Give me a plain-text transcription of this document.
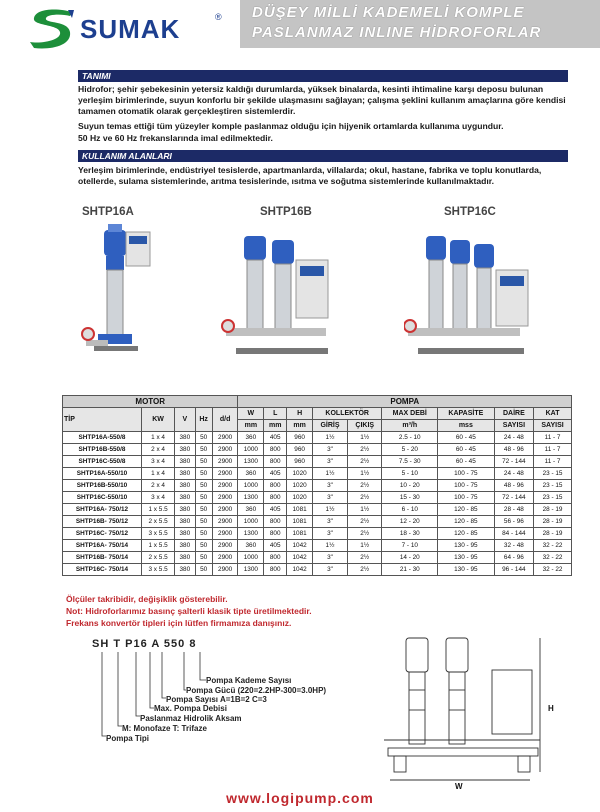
SUMAK	® DÜŞEY MİLLİ KADEMELİ KOMPLE
PASLANMAZ INLINE HİDROFORLAR
TANIMI

Hidrofor; şehir şebekesinin yetersiz kaldığı durumlarda, yüksek binalarda, kesinti ihtimaline karşı deposu bulunan yerleşim birimlerinde, suyun konforlu bir şekilde ulaşmasını sağlayan; çalışma şeklini kullanım amaçlarına göre kendisi tamamen otomatik olarak gerçekleştiren sistemlerdir.

Suyun temas ettiği tüm yüzeyler komple paslanmaz olduğu için hijyenik ortamlarda kullanıma uygundur.

50 Hz ve 60 Hz frekanslarında imal edilmektedir.

KULLANIM ALANLARI

Yerleşim birimlerinde, endüstriyel tesislerde, apartmanlarda, villalarda; okul, hastane, fabrika ve toplu konutlarda, otellerde, sulama sistemlerinde, arıtma tesislerinde, ısıtma ve soğutma sistemlerinde kullanılmaktadır.

SHTP16A	SHTP16B	SHTP16C
MOTOR					POMPA								
TİP	KW	V	Hz	d/d	W	L	H	KOLLEKTÖR		MAX DEBİ	KAPASİTE	DAİRE	KAT
					mm	mm	mm	GİRİŞ	ÇIKIŞ	m³/h	mss	SAYISI	SAYISI
SHTP16A-550/8	1 x 4	380	50	2900	360	405	960	1½	1½	2.5 - 10	60 - 45	24 - 48	11 - 7
SHTP16B-550/8	2 x 4	380	50	2900	1000	800	960	3"	2½	5 - 20	60 - 45	48 - 96	11 - 7
SHTP16C-550/8	3 x 4	380	50	2900	1300	800	960	3"	2½	7.5 - 30	60 - 45	72 - 144	11 - 7
SHTP16A-550/10	1 x 4	380	50	2900	360	405	1020	1½	1½	5 - 10	100 - 75	24 - 48	23 - 15
SHTP16B-550/10	2 x 4	380	50	2900	1000	800	1020	3"	2½	10 - 20	100 - 75	48 - 96	23 - 15
SHTP16C-550/10	3 x 4	380	50	2900	1300	800	1020	3"	2½	15 - 30	100 - 75	72 - 144	23 - 15
SHTP16A- 750/12	1 x 5.5	380	50	2900	360	405	1081	1½	1½	6 - 10	120 - 85	28 - 48	28 - 19
SHTP16B- 750/12	2 x 5.5	380	50	2900	1000	800	1081	3"	2½	12 - 20	120 - 85	56 - 96	28 - 19
SHTP16C- 750/12	3 x 5.5	380	50	2900	1300	800	1081	3"	2½	18 - 30	120 - 85	84 - 144	28 - 19
SHTP16A- 750/14	1 x 5.5	380	50	2900	360	405	1042	1½	1½	7 - 10	130 - 95	32 - 48	32 - 22
SHTP16B- 750/14	2 x 5.5	380	50	2900	1000	800	1042	3"	2½	14 - 20	130 - 95	64 - 96	32 - 22
SHTP16C- 750/14	3 x 5.5	380	50	2900	1300	800	1042	3"	2½	21 - 30	130 - 95	96 - 144	32 - 22
Ölçüler takribidir, değişiklik gösterebilir.
Not: Hidroforlarımız basınç şalterli klasik tipte üretilmektedir.
Frekans konvertör tipleri için lütfen firmamıza danışınız.
SH T P16 A 550 8
Pompa Kademe Sayısı
Pompa Gücü (220=2.2HP-300=3.0HP)
Pompa Sayısı A=1B=2 C=3
Max. Pompa Debisi
Paslanmaz Hidrolik Aksam
M: Monofaze T: Trifaze
Pompa Tipi
H
W
www.logipump.com
